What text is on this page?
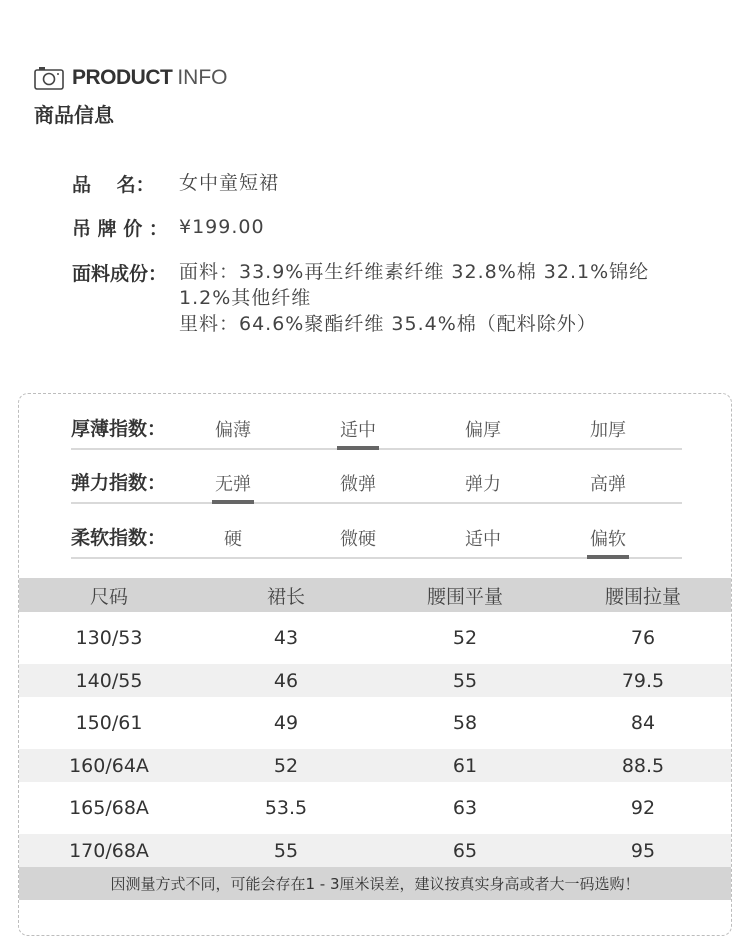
PRODUCT INFO
商品信息
品　 名：	女中童短裙
吊 牌 价 ： ¥199.00
面料成份： 面料：33.9%再生纤维素纤维 32.8%棉 32.1%锦纶
1.2%其他纤维
里料：64.6%聚酯纤维 35.4%棉（配料除外）
厚薄指数：	偏薄	适中	偏厚	加厚
弹力指数：	无弹	微弹	弹力	高弹
柔软指数：	硬	微硬	适中	偏软
尺码	裙长	腰围平量	腰围拉量
130/53	43	52	76
140/55	46	55	79.5
150/61	49	58	84
160/64A	52	61	88.5
165/68A	53.5	63	92
170/68A	55	65	95
因测量方式不同，可能会存在1 - 3厘米误差，建议按真实身高或者大一码选购！
